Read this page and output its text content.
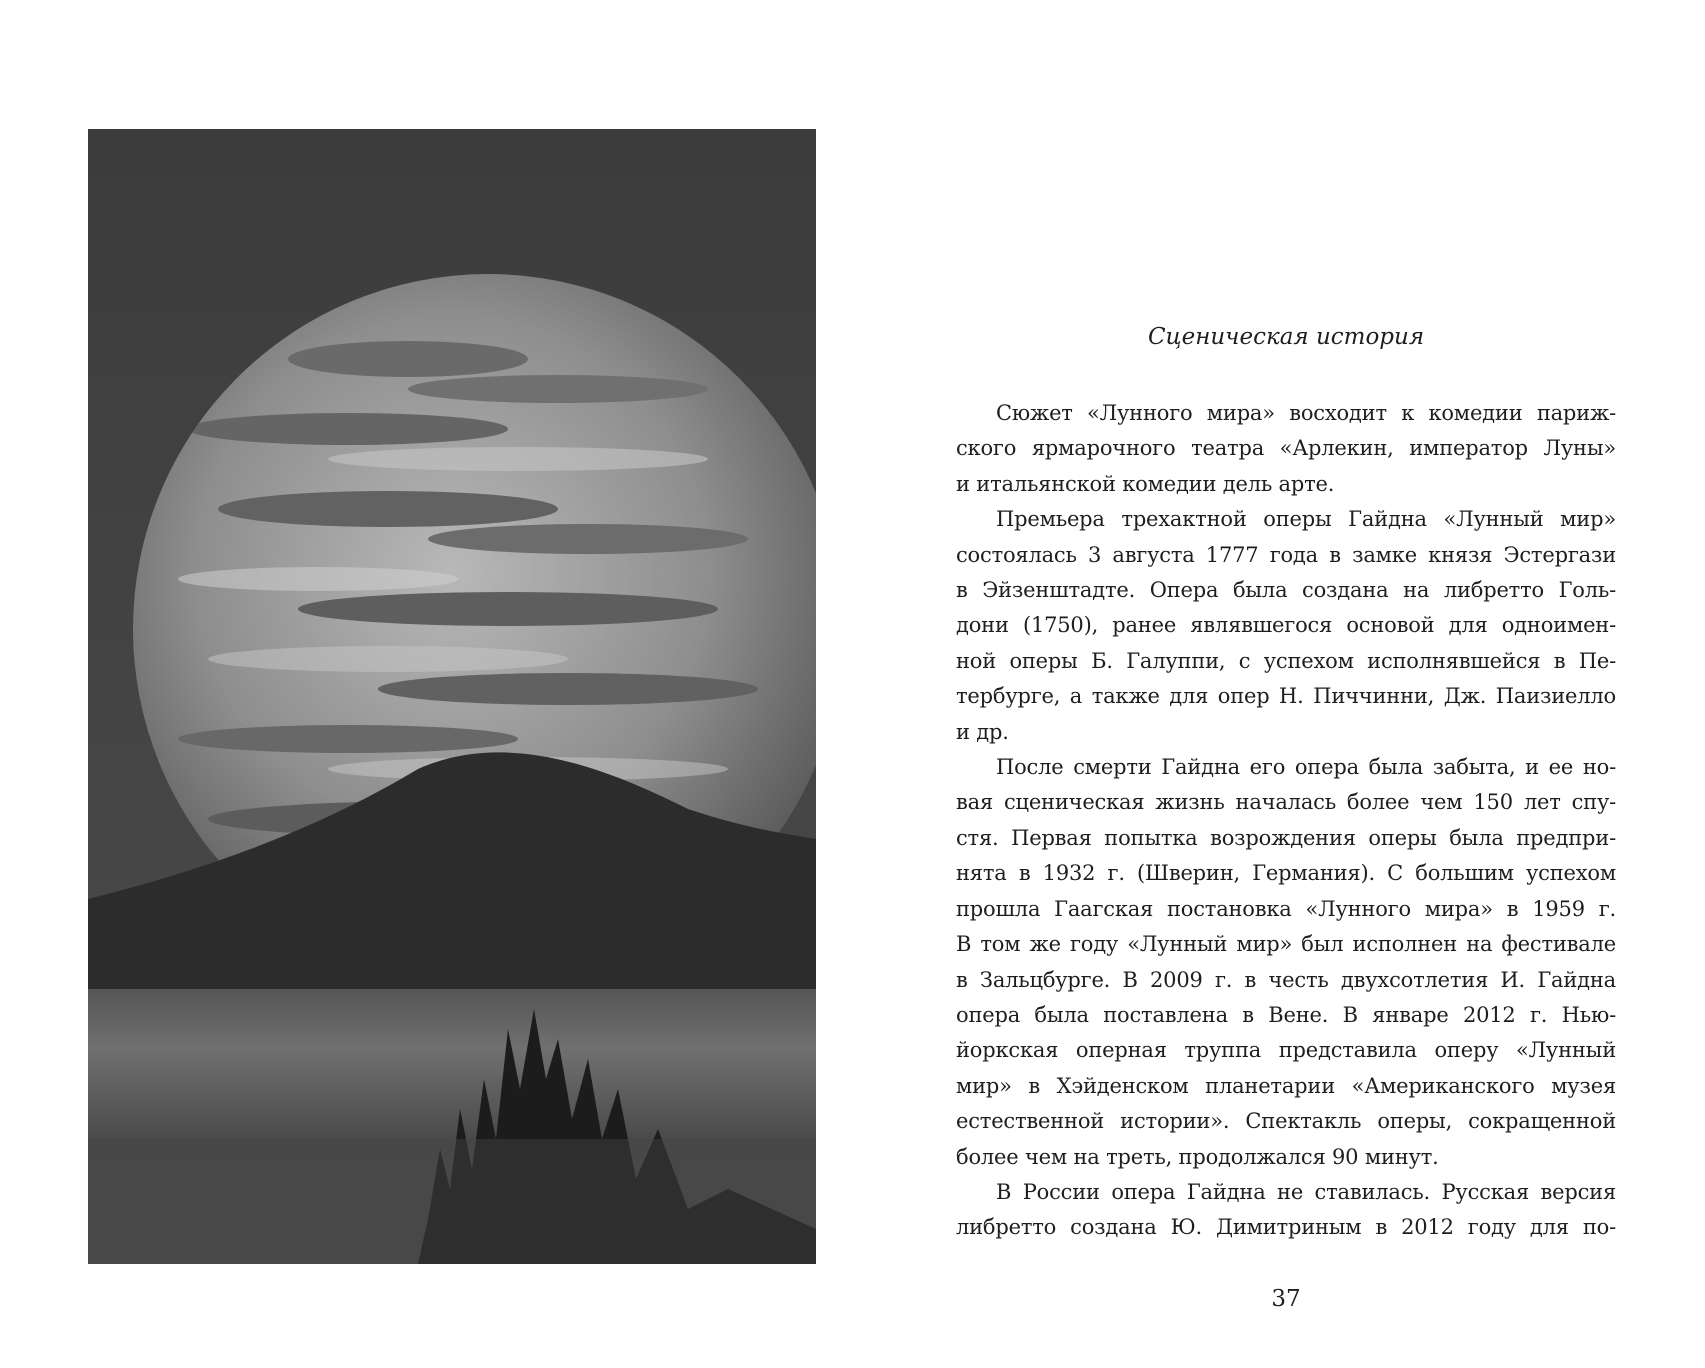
Сценическая история

Сюжет «Лунного мира» восходит к комедии париж-
ского ярмарочного театра «Арлекин, император Луны»
и итальянской комедии дель арте.

Премьера трехактной оперы Гайдна «Лунный мир»
состоялась 3 августа 1777 года в замке князя Эстергази
в Эйзенштадте. Опера была создана на либретто Голь-
дони (1750), ранее являвшегося основой для одноимен-
ной оперы Б. Галуппи, с успехом исполнявшейся в Пе-
тербурге, а также для опер Н. Пиччинни, Дж. Паизиелло
и др.

После смерти Гайдна его опера была забыта, и ее но-
вая сценическая жизнь началась более чем 150 лет спу-
стя. Первая попытка возрождения оперы была предпри-
нята в 1932 г. (Шверин, Германия). С большим успехом
прошла Гаагская постановка «Лунного мира» в 1959 г.
В том же году «Лунный мир» был исполнен на фестивале
в Зальцбурге. В 2009 г. в честь двухсотлетия И. Гайдна
опера была поставлена в Вене. В январе 2012 г. Нью-
йоркская оперная труппа представила оперу «Лунный
мир» в Хэйденском планетарии «Американского музея
естественной истории». Спектакль оперы, сокращенной
более чем на треть, продолжался 90 минут.

В России опера Гайдна не ставилась. Русская версия
либретто создана Ю. Димитриным в 2012 году для по-

37
